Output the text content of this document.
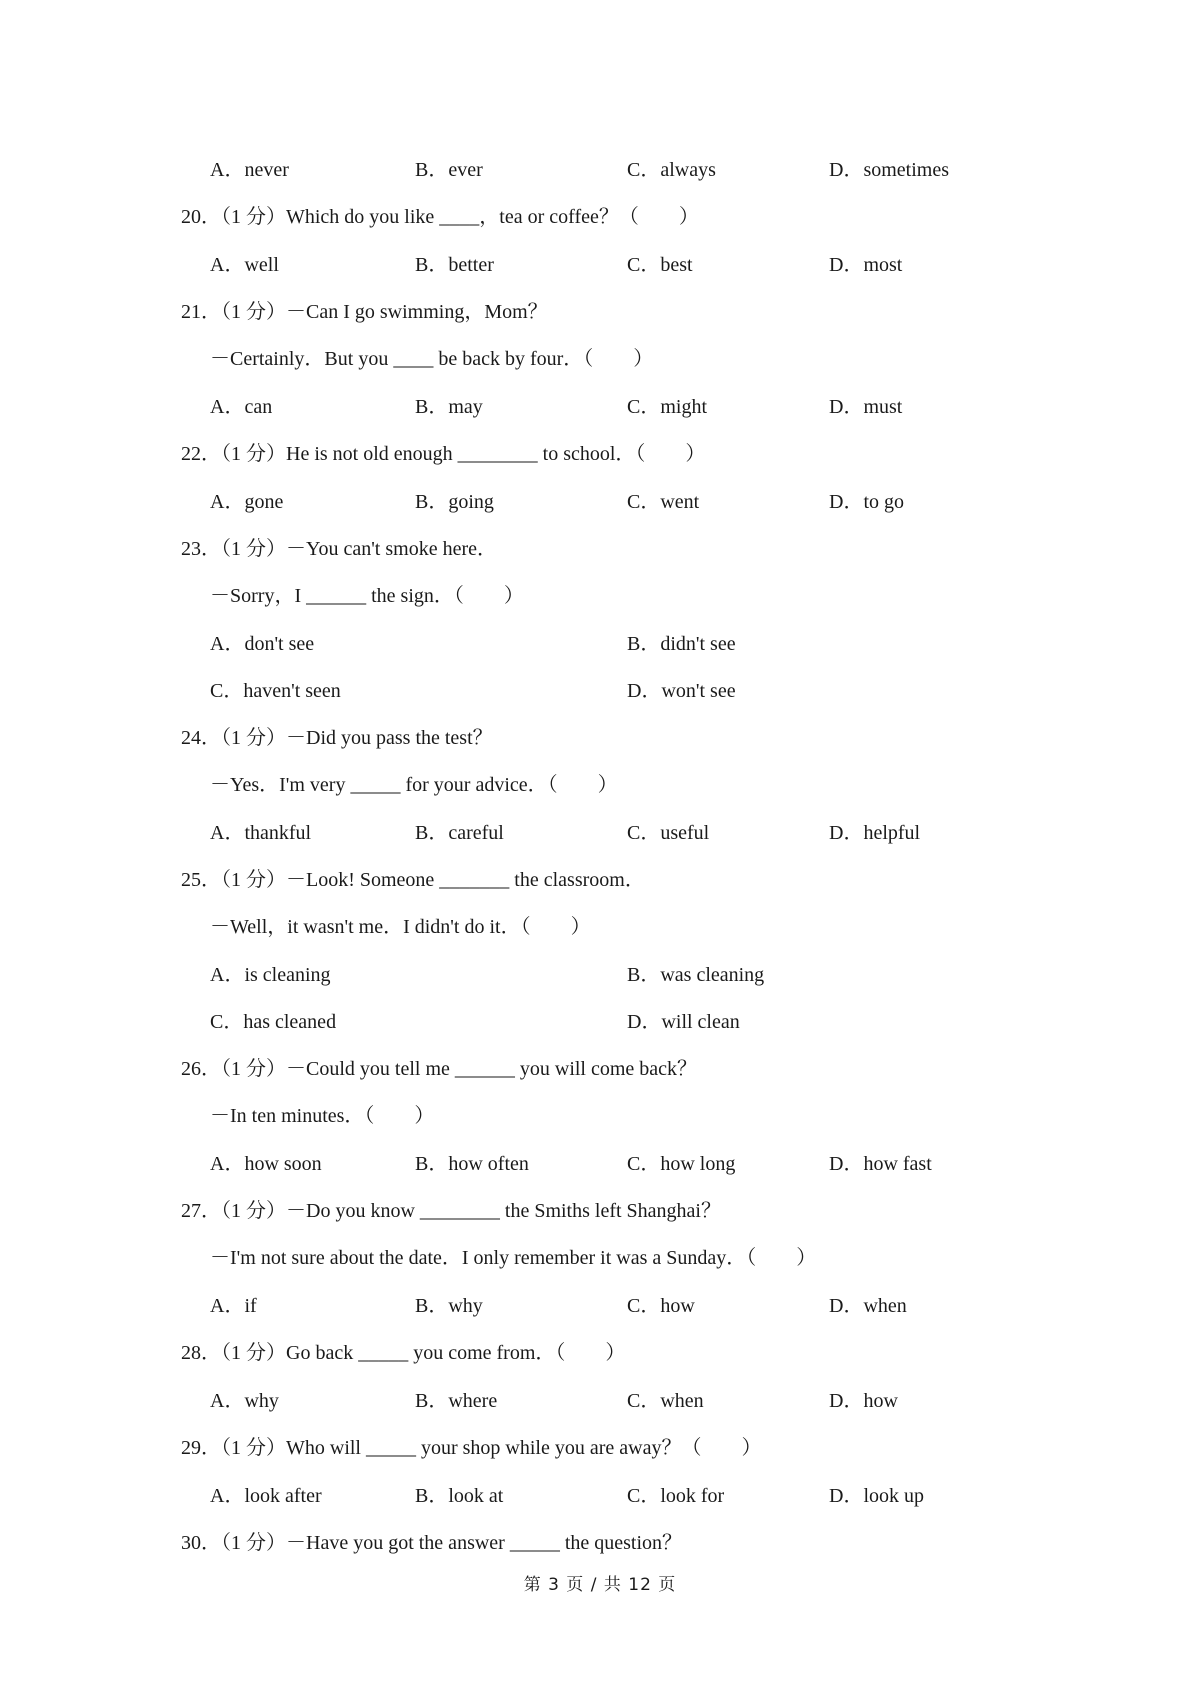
A．never	B．ever	C．always	D．sometimes
20．（1 分）Which do you like ____，tea or coffee？（　　）
A．well	B．better	C．best	D．most
21．（1 分）－Can I go swimming，Mom？
－Certainly．But you ____ be back by four．（　　）
A．can	B．may	C．might	D．must
22．（1 分）He is not old enough ________ to school．（　　）
A．gone	B．going	C．went	D．to go
23．（1 分）－You can't smoke here．
－Sorry，I ______ the sign．（　　）
A．don't see	B．didn't see
C．haven't seen	D．won't see
24．（1 分）－Did you pass the test？
－Yes．I'm very _____ for your advice．（　　）
A．thankful	B．careful	C．useful	D．helpful
25．（1 分）－Look! Someone _______ the classroom．
－Well，it wasn't me．I didn't do it．（　　）
A．is cleaning	B．was cleaning
C．has cleaned	D．will clean
26．（1 分）－Could you tell me ______ you will come back？
－In ten minutes．（　　）
A．how soon	B．how often	C．how long	D．how fast
27．（1 分）－Do you know ________ the Smiths left Shanghai？
－I'm not sure about the date．I only remember it was a Sunday．（　　）
A．if	B．why	C．how	D．when
28．（1 分）Go back _____ you come from．（　　）
A．why	B．where	C．when	D．how
29．（1 分）Who will _____ your shop while you are away？（　　）
A．look after	B．look at	C．look for	D．look up
30．（1 分）－Have you got the answer _____ the question？
第 3 页 / 共 12 页
